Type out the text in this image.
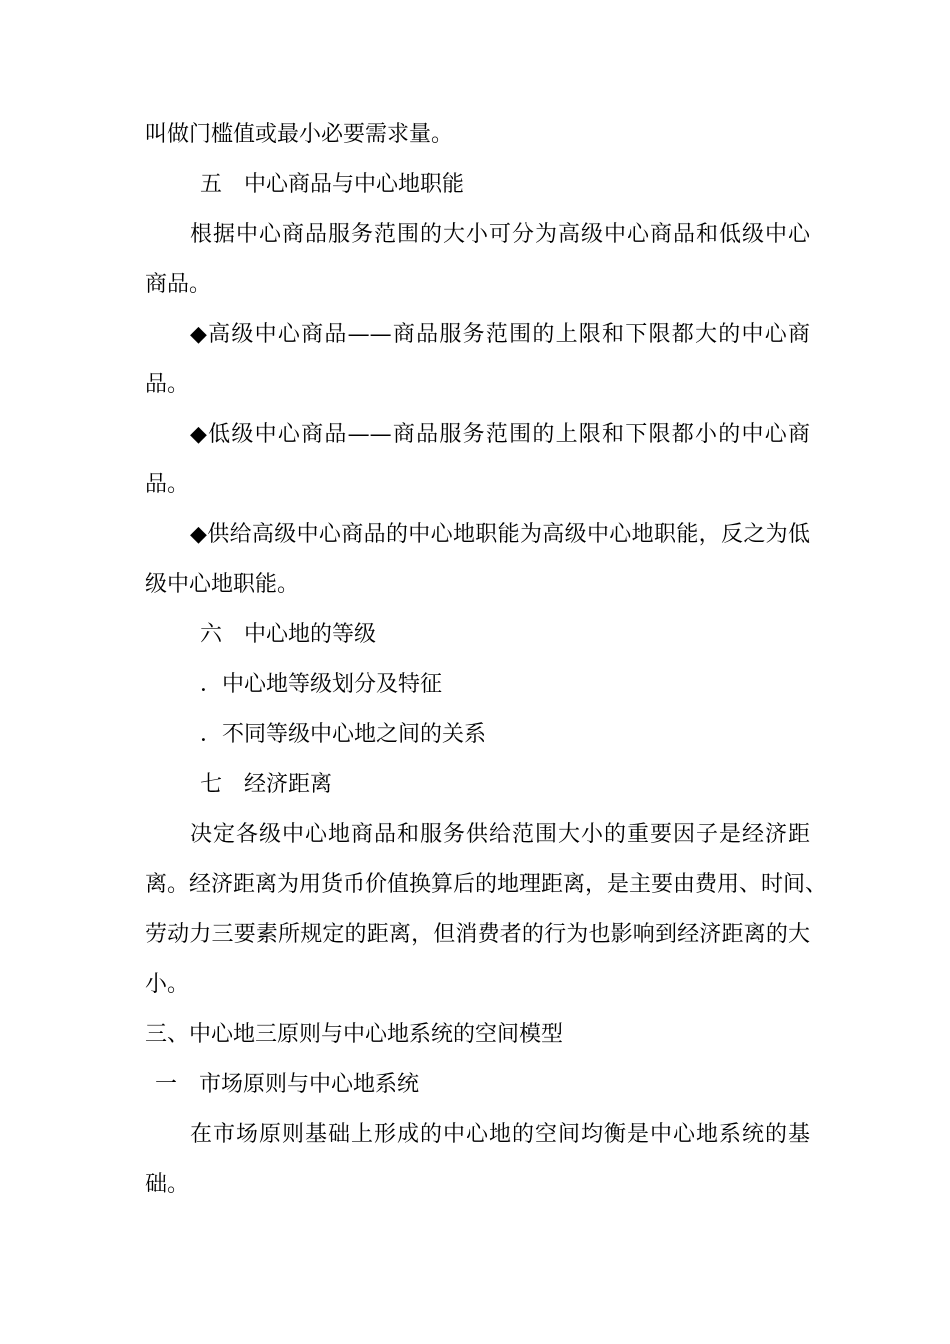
叫做门槛值或最小必要需求量。
五　中心商品与中心地职能
根据中心商品服务范围的大小可分为高级中心商品和低级中心
商品。
◆高级中心商品——商品服务范围的上限和下限都大的中心商
品。
◆低级中心商品——商品服务范围的上限和下限都小的中心商
品。
◆供给高级中心商品的中心地职能为高级中心地职能，反之为低
级中心地职能。
六　中心地的等级
．中心地等级划分及特征
．不同等级中心地之间的关系
七　经济距离
决定各级中心地商品和服务供给范围大小的重要因子是经济距
离。经济距离为用货币价值换算后的地理距离，是主要由费用、时间、
劳动力三要素所规定的距离，但消费者的行为也影响到经济距离的大
小。
三、中心地三原则与中心地系统的空间模型
一　市场原则与中心地系统
在市场原则基础上形成的中心地的空间均衡是中心地系统的基
础。
